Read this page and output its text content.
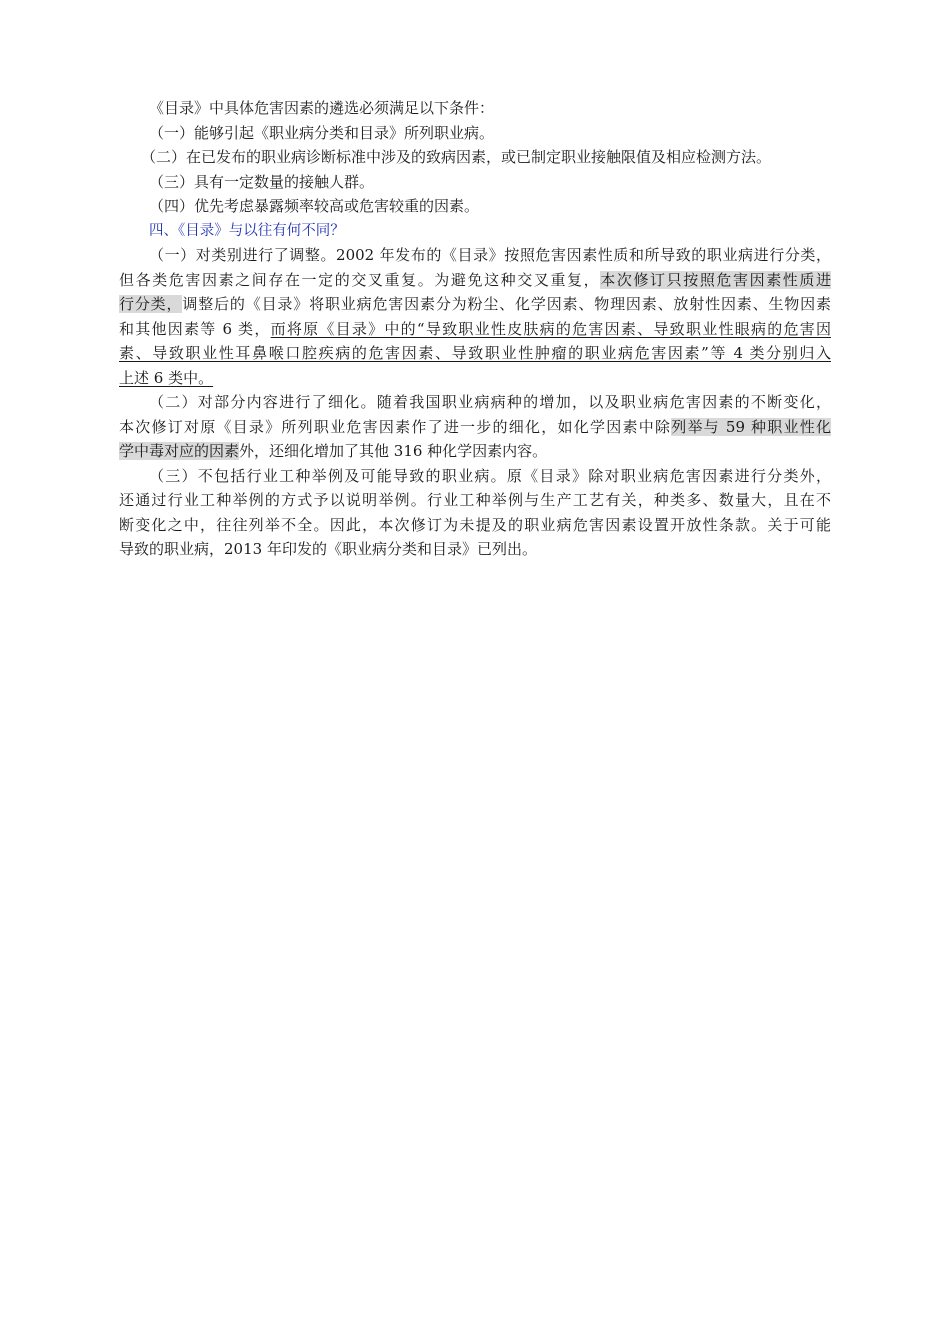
《目录》中具体危害因素的遴选必须满足以下条件：
（一）能够引起《职业病分类和目录》所列职业病。
（二）在已发布的职业病诊断标准中涉及的致病因素，或已制定职业接触限值及相应检测方法。
（三）具有一定数量的接触人群。
（四）优先考虑暴露频率较高或危害较重的因素。
四、《目录》与以往有何不同？
（一）对类别进行了调整。2002 年发布的《目录》按照危害因素性质和所导致的职业病进行分类，
但各类危害因素之间存在一定的交叉重复。为避免这种交叉重复，本次修订只按照危害因素性质进
行分类，调整后的《目录》将职业病危害因素分为粉尘、化学因素、物理因素、放射性因素、生物因素
和其他因素等 6 类，而将原《目录》中的“导致职业性皮肤病的危害因素、导致职业性眼病的危害因
素、导致职业性耳鼻喉口腔疾病的危害因素、导致职业性肿瘤的职业病危害因素”等 4 类分别归入
上述 6 类中。
（二）对部分内容进行了细化。随着我国职业病病种的增加，以及职业病危害因素的不断变化，
本次修订对原《目录》所列职业危害因素作了进一步的细化，如化学因素中除列举与 59 种职业性化
学中毒对应的因素外，还细化增加了其他 316 种化学因素内容。
（三）不包括行业工种举例及可能导致的职业病。原《目录》除对职业病危害因素进行分类外，
还通过行业工种举例的方式予以说明举例。行业工种举例与生产工艺有关，种类多、数量大，且在不
断变化之中，往往列举不全。因此，本次修订为未提及的职业病危害因素设置开放性条款。关于可能
导致的职业病，2013 年印发的《职业病分类和目录》已列出。
